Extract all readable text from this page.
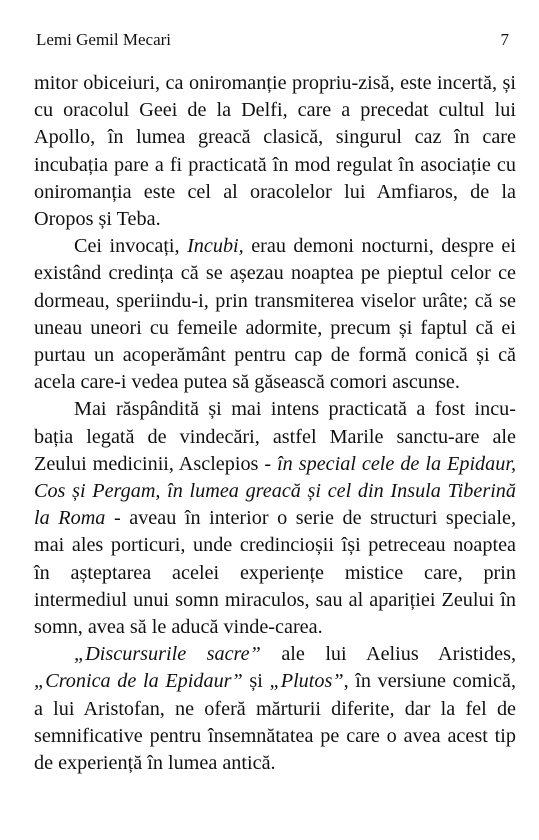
Lemi Gemil Mecari	7

mitor obiceiuri, ca oniromanție propriu-zisă, este incertă, și cu oracolul Geei de la Delfi, care a precedat cultul lui Apollo, în lumea greacă clasică, singurul caz în care incubația pare a fi practicată în mod regulat în asociație cu oniromanția este cel al oracolelor lui Amfiaros, de la Oropos și Teba.

Cei invocați, Incubi, erau demoni nocturni, despre ei existând credința că se așezau noaptea pe pieptul celor ce dormeau, speriindu-i, prin transmiterea viselor urâte; că se uneau uneori cu femeile adormite, precum și faptul că ei purtau un acoperământ pentru cap de formă conică și că acela care-i vedea putea să găsească comori ascunse.

Mai răspândită și mai intens practicată a fost incu-bația legată de vindecări, astfel Marile sanctu-are ale Zeului medicinii, Asclepios - în special cele de la Epidaur, Cos și Pergam, în lumea greacă și cel din Insula Tiberină la Roma - aveau în interior o serie de structuri speciale, mai ales porticuri, unde credincioșii își petreceau noaptea în așteptarea acelei experiențe mistice care, prin intermediul unui somn miraculos, sau al apariției Zeului în somn, avea să le aducă vinde-carea.

„Discursurile sacre” ale lui Aelius Aristides, „Cronica de la Epidaur” și „Plutos”, în versiune comică, a lui Aristofan, ne oferă mărturii diferite, dar la fel de semnificative pentru însemnătatea pe care o avea acest tip de experiență în lumea antică.
